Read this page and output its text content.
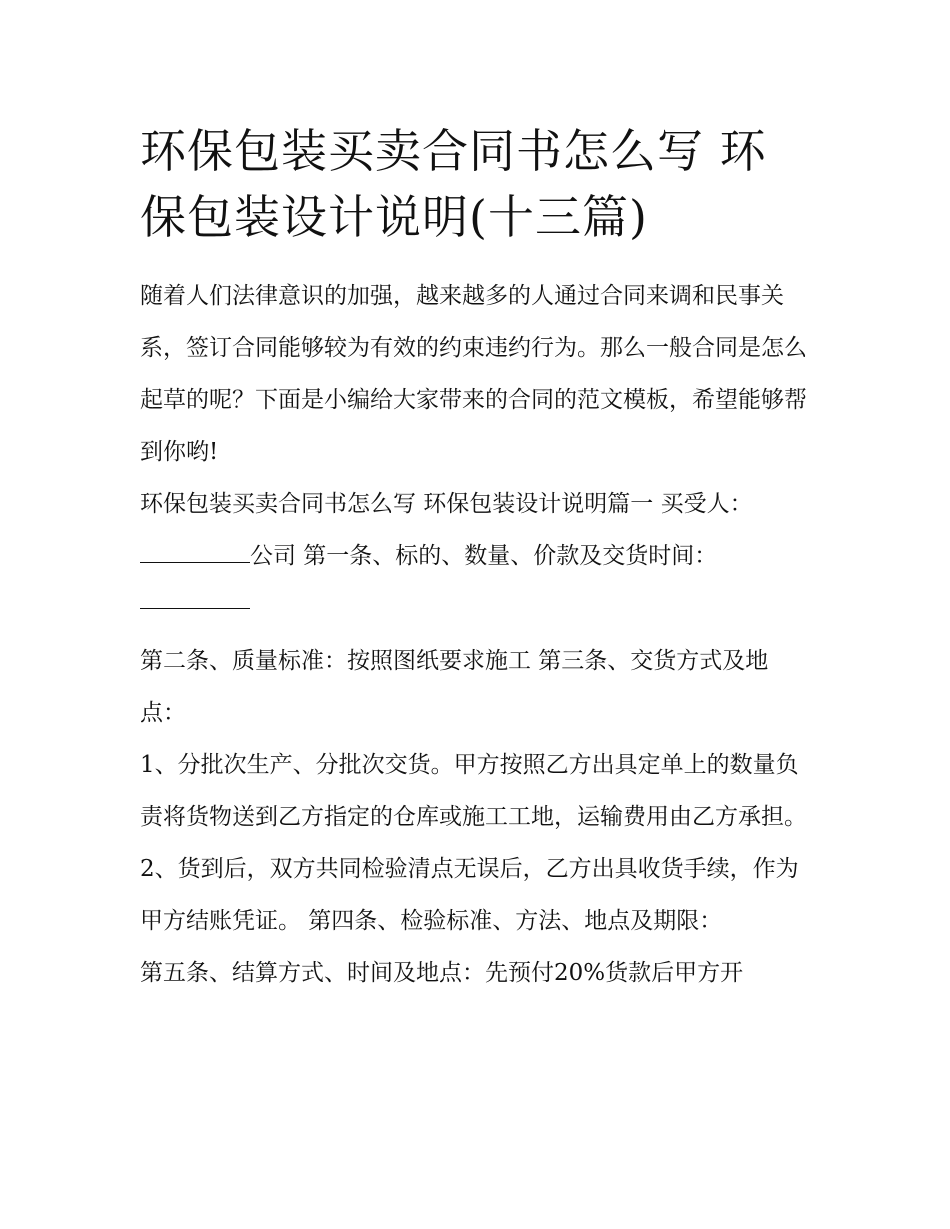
环保包装买卖合同书怎么写 环保包装设计说明(十三篇)

随着人们法律意识的加强，越来越多的人通过合同来调和民事关系，签订合同能够较为有效的约束违约行为。那么一般合同是怎么起草的呢？下面是小编给大家带来的合同的范文模板，希望能够帮到你哟!

环保包装买卖合同书怎么写 环保包装设计说明篇一 买受人：

公司 第一条、标的、数量、价款及交货时间：

第二条、质量标准：按照图纸要求施工 第三条、交货方式及地点：

1、分批次生产、分批次交货。甲方按照乙方出具定单上的数量负责将货物送到乙方指定的仓库或施工工地，运输费用由乙方承担。

2、货到后，双方共同检验清点无误后，乙方出具收货手续，作为甲方结账凭证。 第四条、检验标准、方法、地点及期限：

第五条、结算方式、时间及地点：先预付20%货款后甲方开
